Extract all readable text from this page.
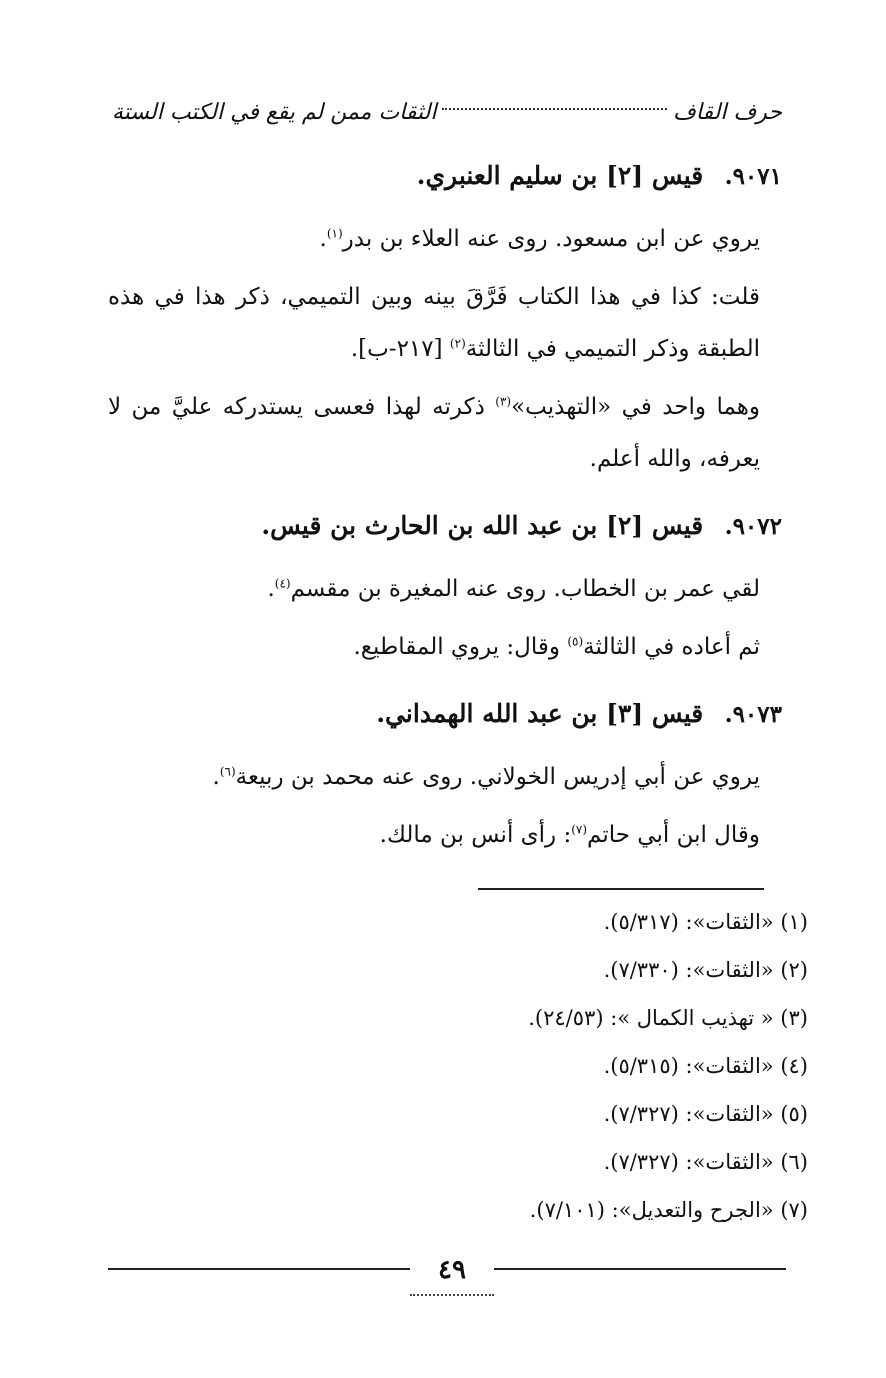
حرف القاف
الثقات ممن لم يقع في الكتب الستة
٩٠٧١. قيس [٢] بن سليم العنبري.
يروي عن ابن مسعود. روى عنه العلاء بن بدر$^{(١)}$.
قلت: كذا في هذا الكتاب فَرَّقَ بينه وبين التميمي، ذكر هذا في هذه الطبقة وذكر التميمي في الثالثة$^{(٢)}$ [٢١٧-ب].
وهما واحد في «التهذيب»$^{(٣)}$ ذكرته لهذا فعسى يستدركه عليَّ من لا يعرفه، والله أعلم.
٩٠٧٢. قيس [٢] بن عبد الله بن الحارث بن قيس.
لقي عمر بن الخطاب. روى عنه المغيرة بن مقسم$^{(٤)}$.
ثم أعاده في الثالثة$^{(٥)}$ وقال: يروي المقاطيع.
٩٠٧٣. قيس [٣] بن عبد الله الهمداني.
يروي عن أبي إدريس الخولاني. روى عنه محمد بن ربيعة$^{(٦)}$.
وقال ابن أبي حاتم$^{(٧)}$: رأى أنس بن مالك.
(١) «الثقات»: (٥/٣١٧).
(٢) «الثقات»: (٧/٣٣٠).
(٣) « تهذيب الكمال »: (٢٤/٥٣).
(٤) «الثقات»: (٥/٣١٥).
(٥) «الثقات»: (٧/٣٢٧).
(٦) «الثقات»: (٧/٣٢٧).
(٧) «الجرح والتعديل»: (٧/١٠١).
٤٩
